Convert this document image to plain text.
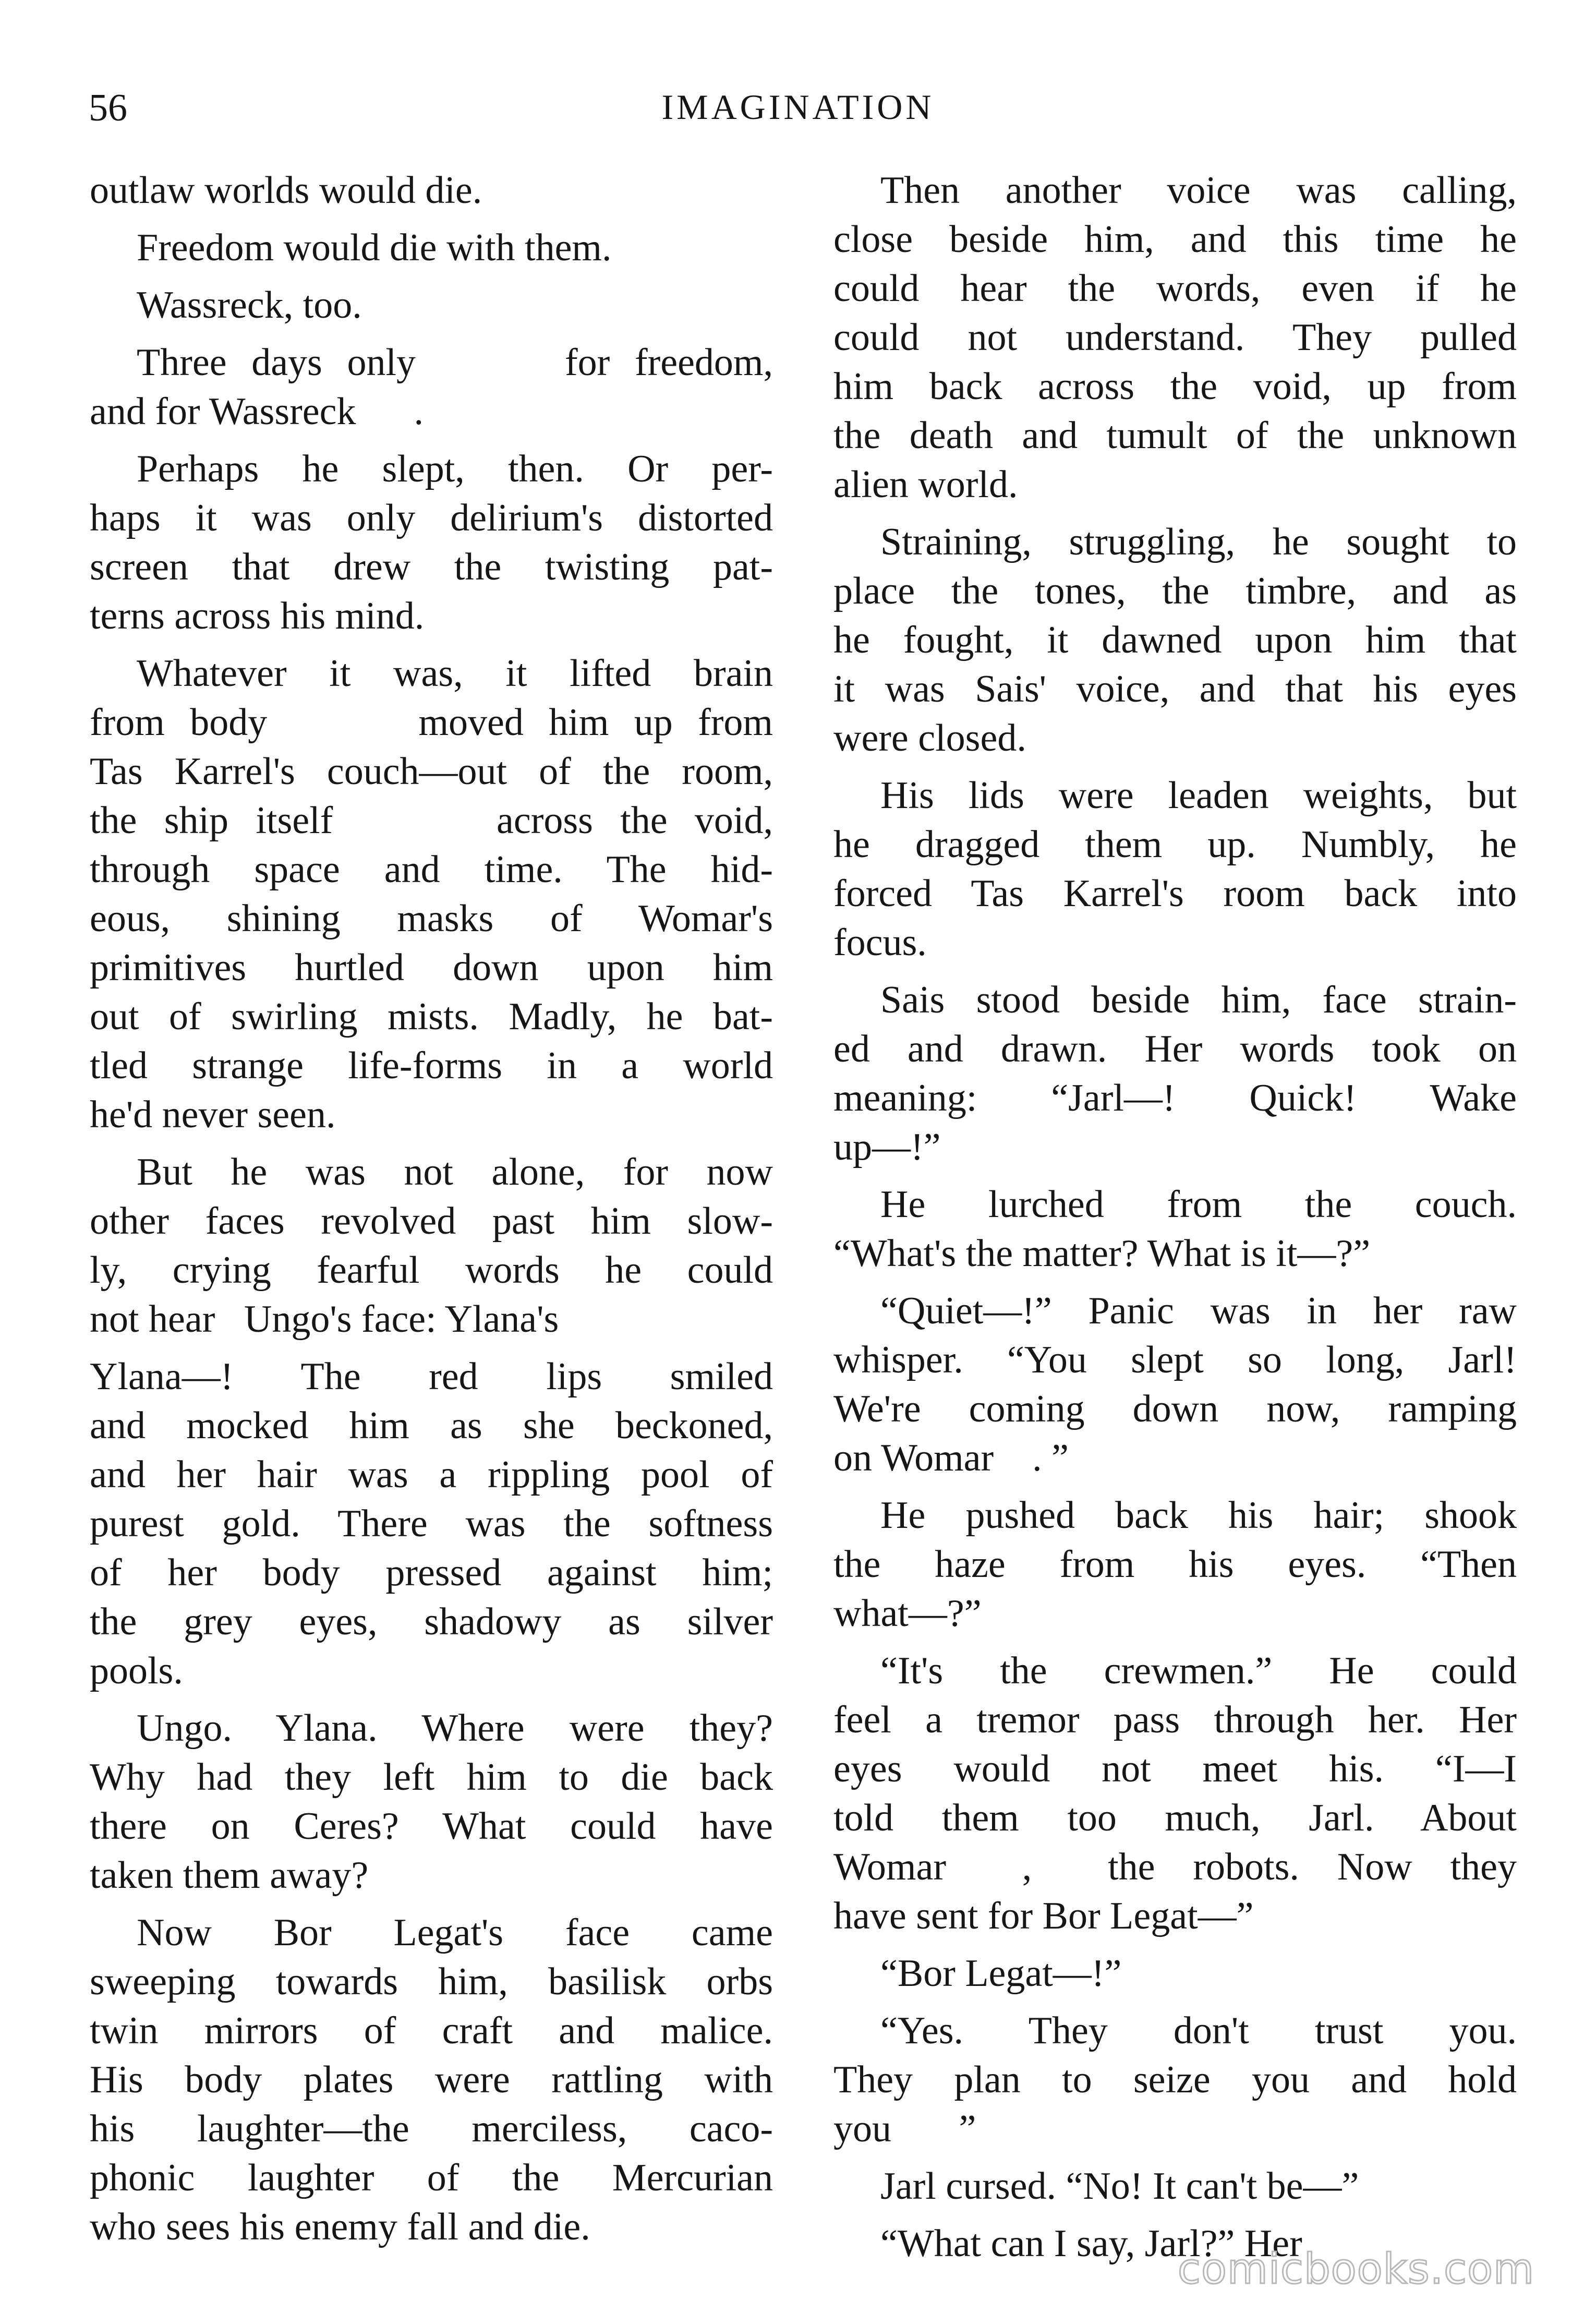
56	IMAGINATION
outlaw worlds would die.
Freedom would die with them.
Wassreck, too.
Three days only      for freedom,
and for Wassreck      .
Perhaps he slept, then. Or per-
haps it was only delirium's distorted
screen that drew the twisting pat-
terns across his mind.
Whatever it was, it lifted brain
from body      moved him up from
Tas Karrel's couch—out of the room,
the ship itself      across the void,
through space and time. The hid-
eous, shining masks of Womar's
primitives hurtled down upon him
out of swirling mists. Madly, he bat-
tled strange life-forms in a world
he'd never seen.
But he was not alone, for now
other faces revolved past him slow-
ly, crying fearful words he could
not hear   Ungo's face: Ylana's
Ylana—! The red lips smiled
and mocked him as she beckoned,
and her hair was a rippling pool of
purest gold. There was the softness
of her body pressed against him;
the grey eyes, shadowy as silver
pools.
Ungo. Ylana. Where were they?
Why had they left him to die back
there on Ceres? What could have
taken them away?
Now Bor Legat's face came
sweeping towards him, basilisk orbs
twin mirrors of craft and malice.
His body plates were rattling with
his laughter—the merciless, caco-
phonic laughter of the Mercurian
who sees his enemy fall and die.
Then another voice was calling,
close beside him, and this time he
could hear the words, even if he
could not understand. They pulled
him back across the void, up from
the death and tumult of the unknown
alien world.
Straining, struggling, he sought to
place the tones, the timbre, and as
he fought, it dawned upon him that
it was Sais' voice, and that his eyes
were closed.
His lids were leaden weights, but
he dragged them up. Numbly, he
forced Tas Karrel's room back into
focus.
Sais stood beside him, face strain-
ed and drawn. Her words took on
meaning: “Jarl—! Quick! Wake
up—!”
He lurched from the couch.
“What's the matter? What is it—?”
“Quiet—!” Panic was in her raw
whisper. “You slept so long, Jarl!
We're coming down now, ramping
on Womar    . ”
He pushed back his hair; shook
the haze from his eyes. “Then
what—?”
“It's the crewmen.” He could
feel a tremor pass through her. Her
eyes would not meet his. “I—I
told them too much, Jarl. About
Womar  ,  the robots. Now they
have sent for Bor Legat—”
“Bor Legat—!”
“Yes. They don't trust you.
They plan to seize you and hold
you       ”
Jarl cursed. “No! It can't be—”
“What can I say, Jarl?” Her
comicbooks.com
